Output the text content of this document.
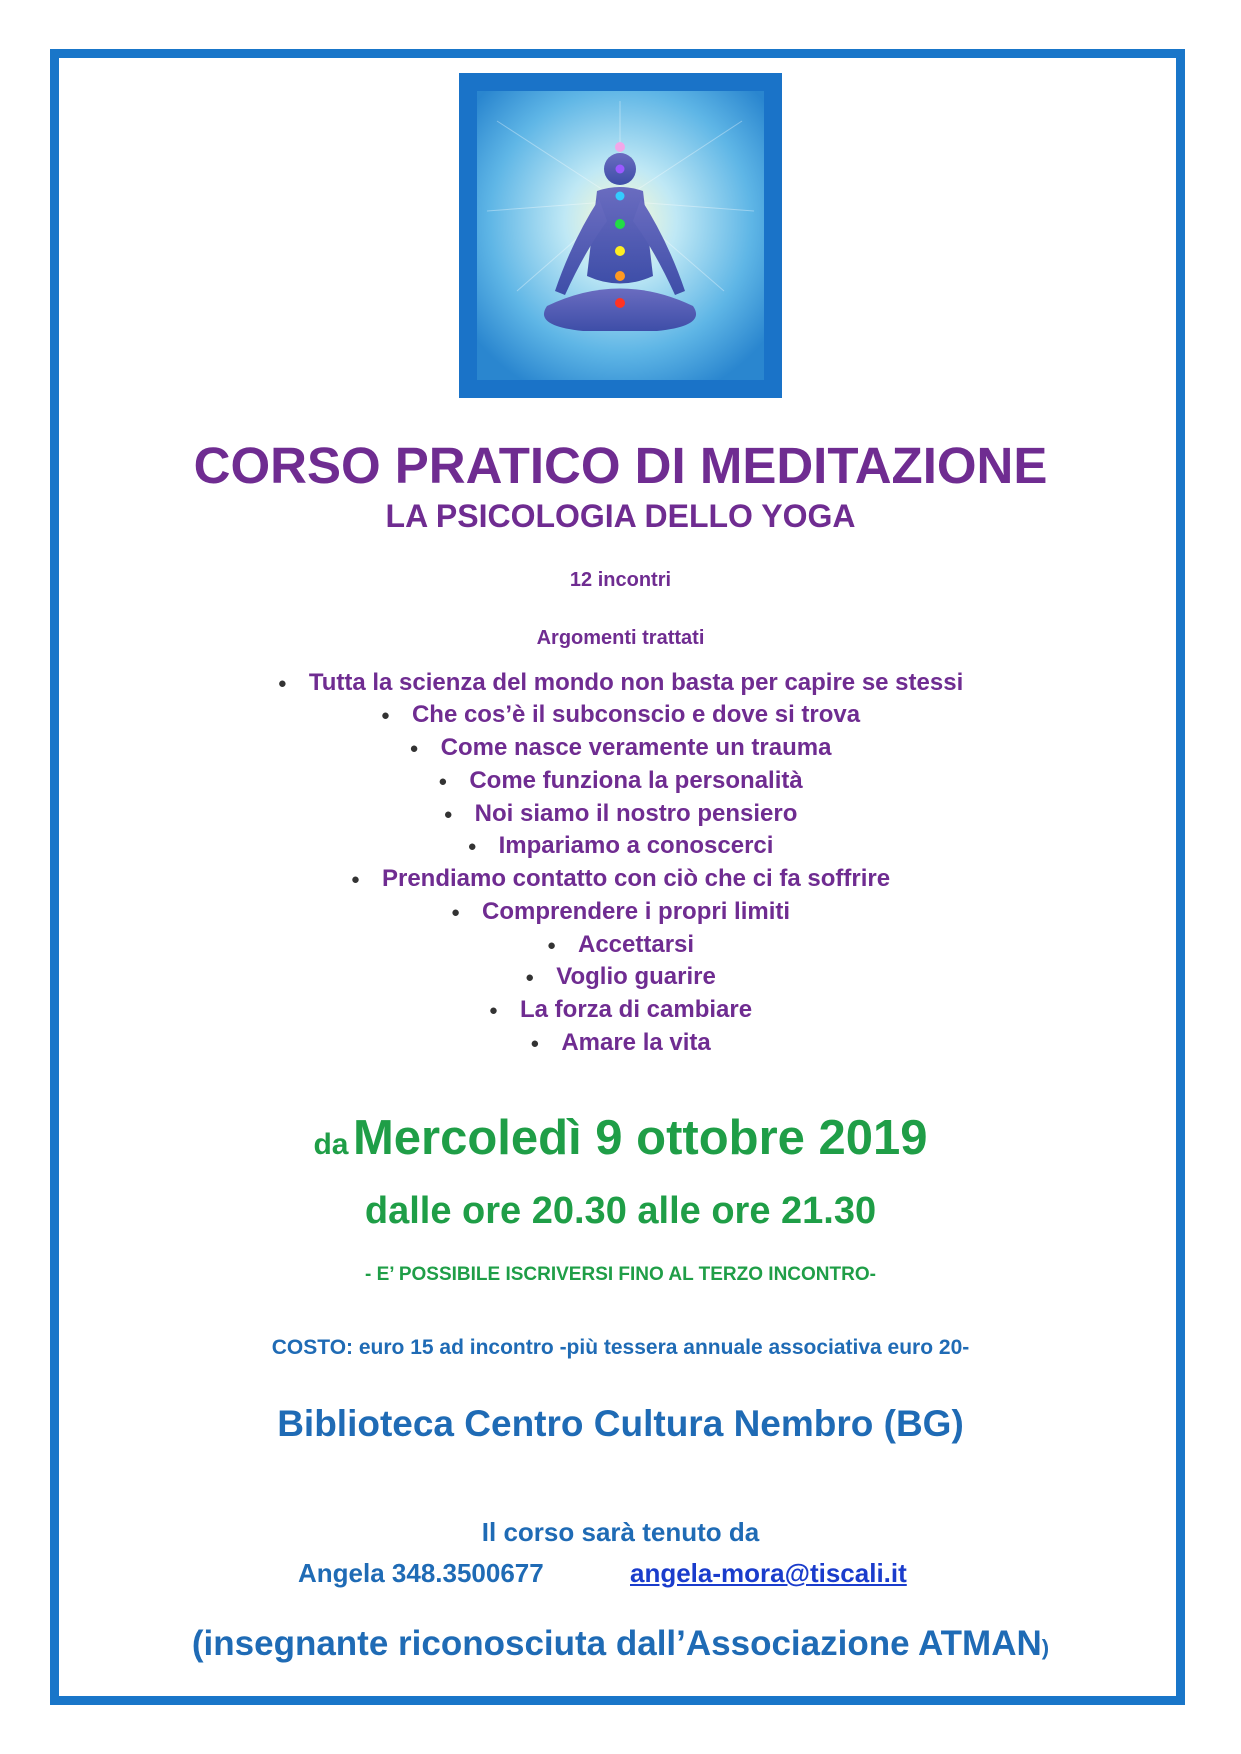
CORSO PRATICO DI MEDITAZIONE
LA PSICOLOGIA DELLO YOGA
12 incontri
Argomenti trattati
● Tutta la scienza del mondo non basta per capire se stessi
● Che cos’è il subconscio e dove si trova
● Come nasce veramente un trauma
● Come funziona la personalità
● Noi siamo il nostro pensiero
● Impariamo a conoscerci
● Prendiamo contatto con ciò che ci fa soffrire
● Comprendere i propri limiti
● Accettarsi
● Voglio guarire
● La forza di cambiare
● Amare la vita
da Mercoledì 9 ottobre 2019
dalle ore 20.30 alle ore 21.30
- E’ POSSIBILE ISCRIVERSI FINO AL TERZO INCONTRO-
COSTO: euro 15 ad incontro -più tessera annuale associativa euro 20-
Biblioteca Centro Cultura Nembro (BG)
Il corso sarà tenuto da
Angela 348.3500677	angela-mora@tiscali.it
(insegnante riconosciuta dall’Associazione ATMAN)
